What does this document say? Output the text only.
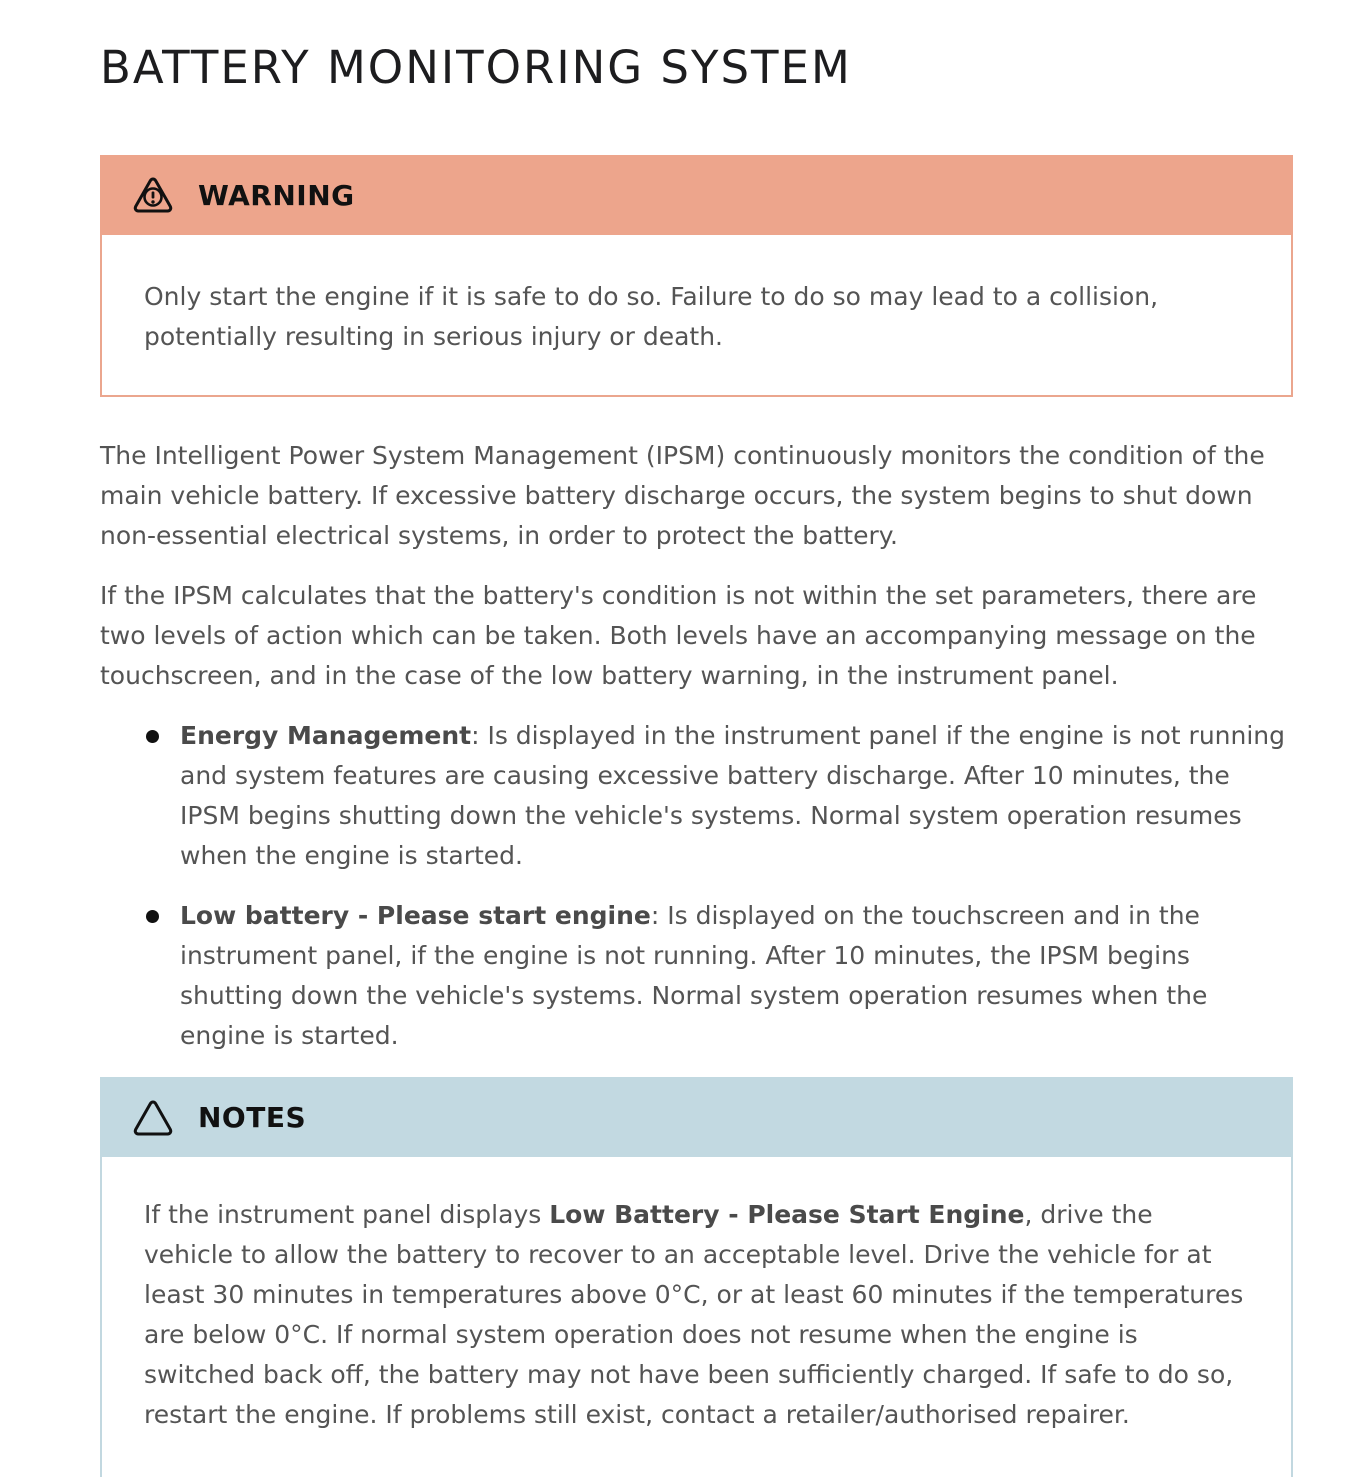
BATTERY MONITORING SYSTEM
WARNING

Only start the engine if it is safe to do so. Failure to do so may lead to a collision, potentially resulting in serious injury or death.

The Intelligent Power System Management (IPSM) continuously monitors the condition of the main vehicle battery. If excessive battery discharge occurs, the system begins to shut down non-essential electrical systems, in order to protect the battery.

If the IPSM calculates that the battery's condition is not within the set parameters, there are two levels of action which can be taken. Both levels have an accompanying message on the touchscreen, and in the case of the low battery warning, in the instrument panel.

Energy Management: Is displayed in the instrument panel if the engine is not running and system features are causing excessive battery discharge. After 10 minutes, the IPSM begins shutting down the vehicle's systems. Normal system operation resumes when the engine is started.
Low battery - Please start engine: Is displayed on the touchscreen and in the instrument panel, if the engine is not running. After 10 minutes, the IPSM begins shutting down the vehicle's systems. Normal system operation resumes when the engine is started.
NOTES

If the instrument panel displays Low Battery - Please Start Engine, drive the vehicle to allow the battery to recover to an acceptable level. Drive the vehicle for at least 30 minutes in temperatures above 0°C, or at least 60 minutes if the temperatures are below 0°C. If normal system operation does not resume when the engine is switched back off, the battery may not have been sufficiently charged. If safe to do so, restart the engine. If problems still exist, contact a retailer/authorised repairer.
